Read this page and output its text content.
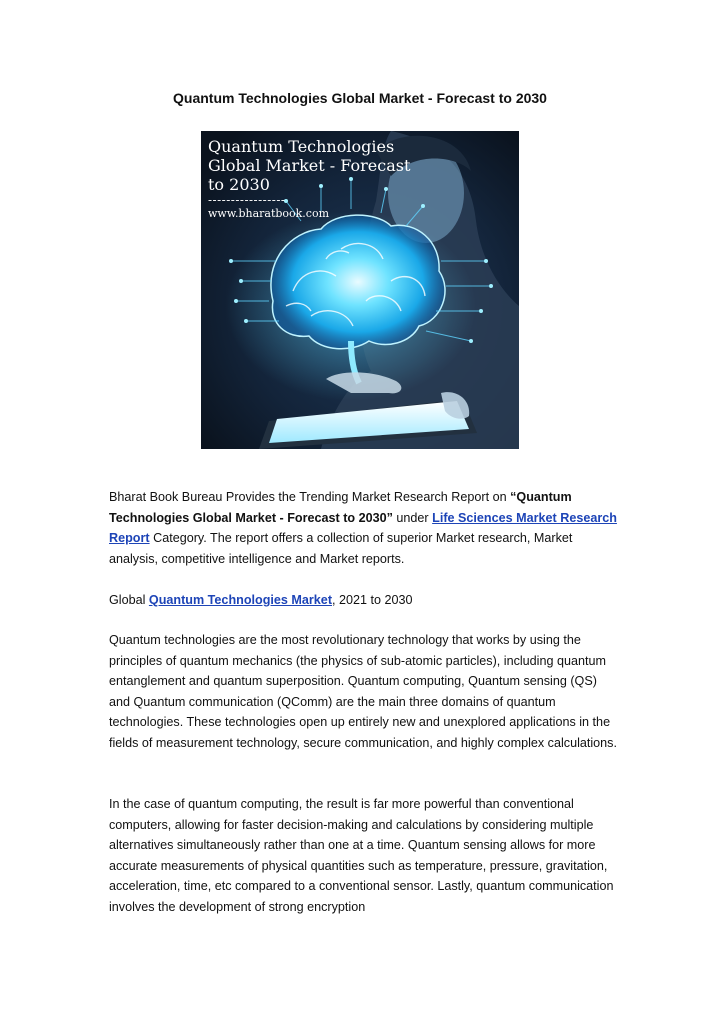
Quantum Technologies Global Market - Forecast to 2030
Quantum Technologies
Global Market - Forecast
to 2030
-----------------
www.bharatbook.com

Bharat Book Bureau Provides the Trending Market Research Report on “Quantum Technologies Global Market - Forecast to 2030” under Life Sciences Market Research Report Category. The report offers a collection of superior Market research, Market analysis, competitive intelligence and Market reports.

Global Quantum Technologies Market, 2021 to 2030

Quantum technologies are the most revolutionary technology that works by using the principles of quantum mechanics (the physics of sub-atomic particles), including quantum entanglement and quantum superposition. Quantum computing, Quantum sensing (QS) and Quantum communication (QComm) are the main three domains of quantum technologies. These technologies open up entirely new and unexplored applications in the fields of measurement technology, secure communication, and highly complex calculations.

In the case of quantum computing, the result is far more powerful than conventional computers, allowing for faster decision-making and calculations by considering multiple alternatives simultaneously rather than one at a time. Quantum sensing allows for more accurate measurements of physical quantities such as temperature, pressure, gravitation, acceleration, time, etc compared to a conventional sensor. Lastly, quantum communication involves the development of strong encryption
